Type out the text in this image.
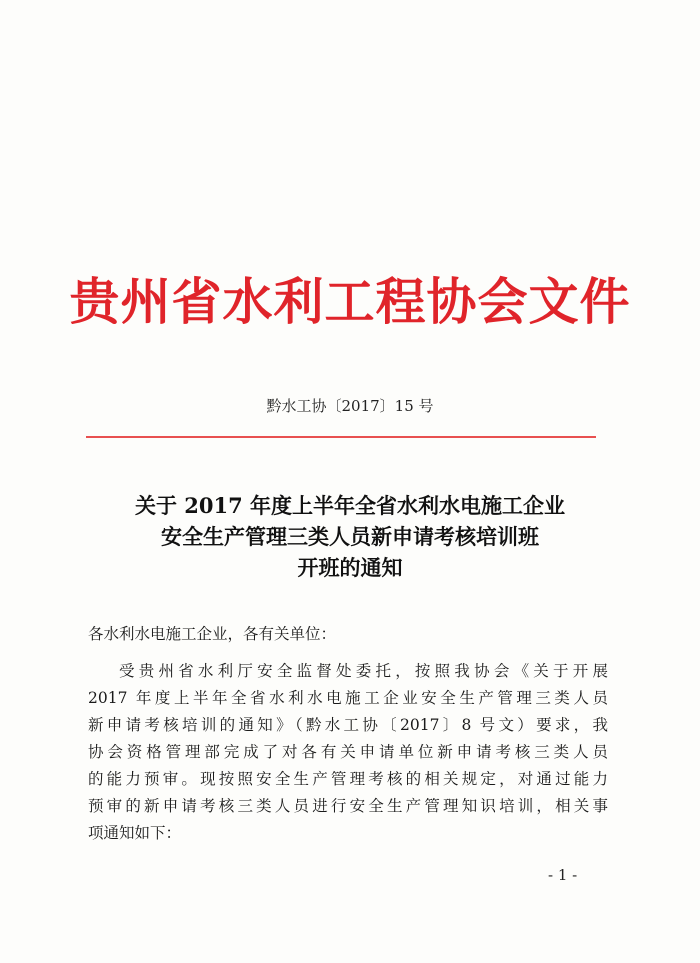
贵州省水利工程协会文件
黔水工协〔2017〕15 号
关于 2017 年度上半年全省水利水电施工企业
安全生产管理三类人员新申请考核培训班
开班的通知
各水利水电施工企业，各有关单位：
受贵州省水利厅安全监督处委托，按照我协会《关于开展
2017 年度上半年全省水利水电施工企业安全生产管理三类人员
新申请考核培训的通知》（黔水工协〔2017〕8 号文）要求，我
协会资格管理部完成了对各有关申请单位新申请考核三类人员
的能力预审。现按照安全生产管理考核的相关规定，对通过能力
预审的新申请考核三类人员进行安全生产管理知识培训，相关事
项通知如下：
- 1 -
